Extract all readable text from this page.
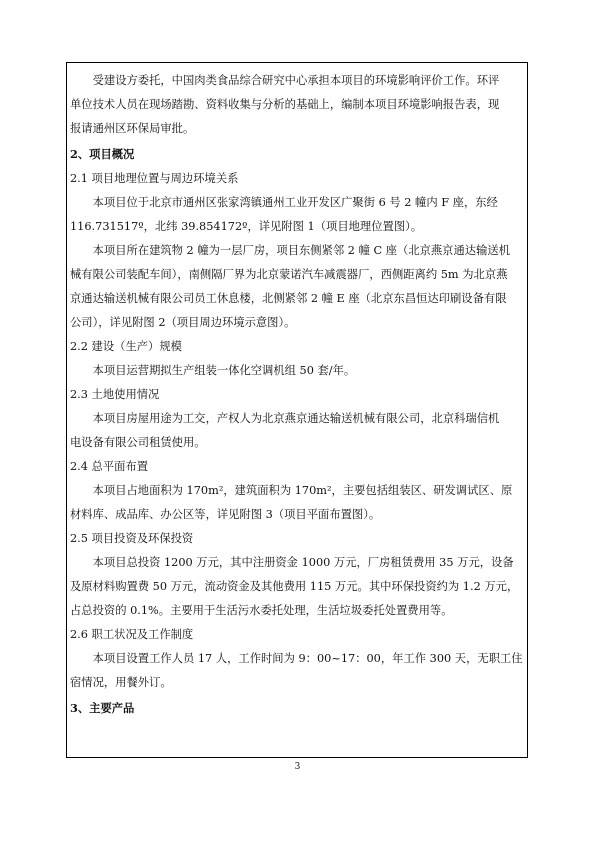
　　受建设方委托，中国肉类食品综合研究中心承担本项目的环境影响评价工作。环评
单位技术人员在现场踏勘、资料收集与分析的基础上，编制本项目环境影响报告表，现
报请通州区环保局审批。
2、项目概况
2.1 项目地理位置与周边环境关系
　　本项目位于北京市通州区张家湾镇通州工业开发区广聚街 6 号 2 幢内 F 座，东经
116.731517º，北纬 39.854172º，详见附图 1（项目地理位置图）。
　　本项目所在建筑物 2 幢为一层厂房，项目东侧紧邻 2 幢 C 座（北京燕京通达输送机
械有限公司装配车间），南侧隔厂界为北京蒙诺汽车减震器厂，西侧距离约 5m 为北京燕
京通达输送机械有限公司员工休息楼，北侧紧邻 2 幢 E 座（北京东昌恒达印刷设备有限
公司），详见附图 2（项目周边环境示意图）。
2.2 建设（生产）规模
　　本项目运营期拟生产组装一体化空调机组 50 套/年。
2.3 土地使用情况
　　本项目房屋用途为工交，产权人为北京燕京通达输送机械有限公司，北京科瑞信机
电设备有限公司租赁使用。
2.4 总平面布置
　　本项目占地面积为 170m²，建筑面积为 170m²，主要包括组装区、研发调试区、原
材料库、成品库、办公区等，详见附图 3（项目平面布置图）。
2.5 项目投资及环保投资
　　本项目总投资 1200 万元，其中注册资金 1000 万元，厂房租赁费用 35 万元，设备
及原材料购置费 50 万元，流动资金及其他费用 115 万元。其中环保投资约为 1.2 万元，
占总投资的 0.1%。主要用于生活污水委托处理，生活垃圾委托处置费用等。
2.6 职工状况及工作制度
　　本项目设置工作人员 17 人，工作时间为 9：00~17：00，年工作 300 天，无职工住
宿情况，用餐外订。
3、主要产品
3
